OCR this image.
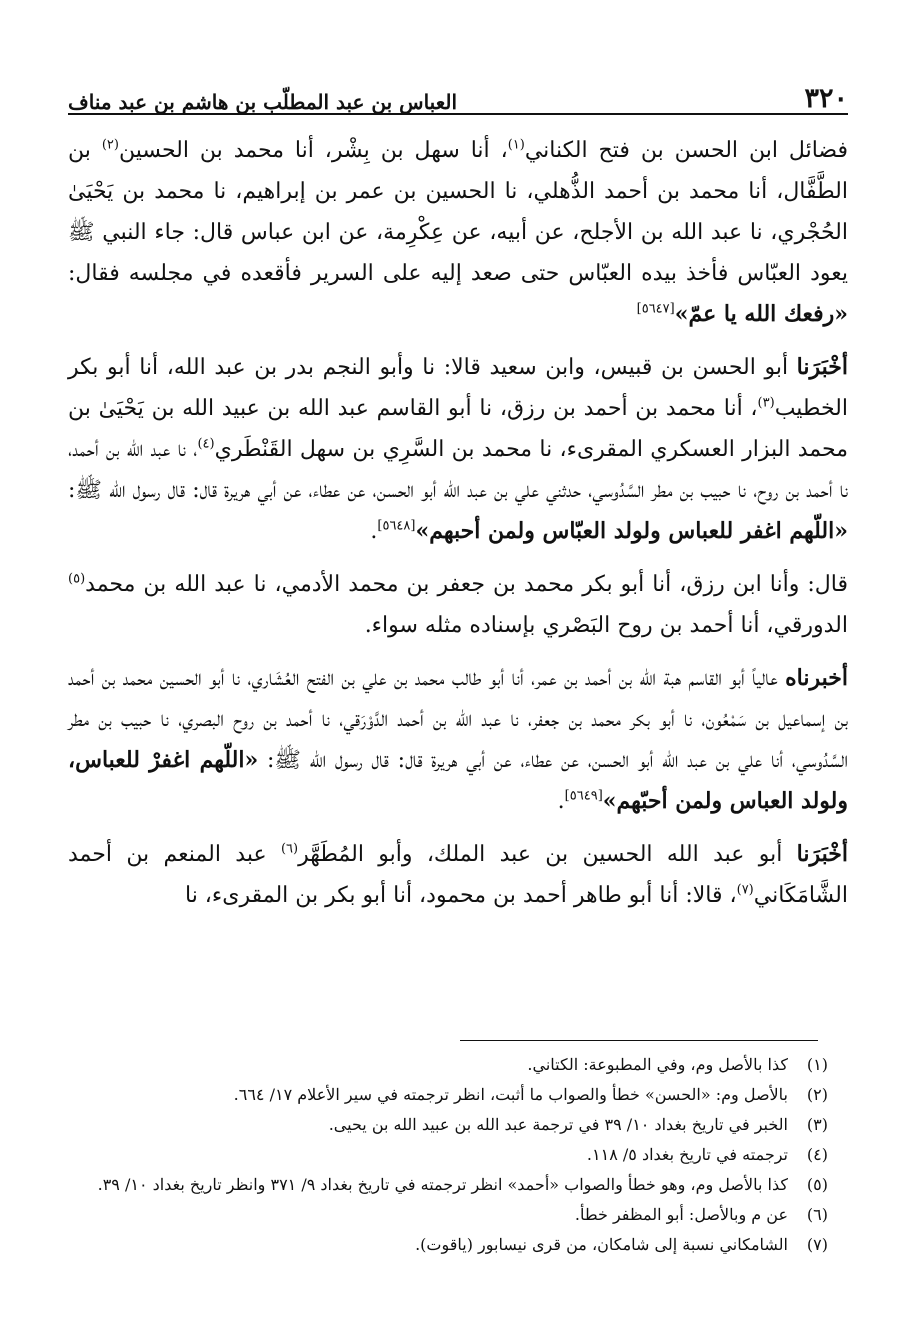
٣٢٠
العباس بن عبد المطلّب بن هاشم بن عبد مناف

فضائل ابن الحسن بن فتح الكناني$^{(١)}$، أنا سهل بن بِشْر، أنا محمد بن الحسين$^{(٢)}$ بن الطَّفَّال، أنا محمد بن أحمد الذُّهلي، نا الحسين بن عمر بن إبراهيم، نا محمد بن يَحْيَىٰ الحُجْري، نا عبد الله بن الأجلح، عن أبيه، عن عِكْرِمة، عن ابن عباس قال: جاء النبي ﷺ يعود العبّاس فأخذ بيده العبّاس حتى صعد إليه على السرير فأقعده في مجلسه فقال: «رفعك الله يا عمّ»[٥٦٤٧]

أخْبَرَنا أبو الحسن بن قبيس، وابن سعيد قالا: نا وأبو النجم بدر بن عبد الله، أنا أبو بكر الخطيب$^{(٣)}$، أنا محمد بن أحمد بن رزق، نا أبو القاسم عبد الله بن عبيد الله بن يَحْيَىٰ بن محمد البزار العسكري المقرىء، نا محمد بن السَّرِي بن سهل القَنْطَري$^{(٤)}$، نا عبد الله بن أحمد، نا أحمد بن روح، نا حبيب بن مطر السَّدُوسي، حدثني علي بن عبد الله أبو الحسن، عن عطاء، عن أبي هريرة قال: قال رسول الله ﷺ: «اللّهم اغفر للعباس ولولد العبّاس ولمن أحبهم»[٥٦٤٨].

قال: وأنا ابن رزق، أنا أبو بكر محمد بن جعفر بن محمد الأدمي، نا عبد الله بن محمد$^{(٥)}$ الدورقي، أنا أحمد بن روح البَصْري بإسناده مثله سواء.

أخبرناه عالياً أبو القاسم هبة الله بن أحمد بن عمر، أنا أبو طالب محمد بن علي بن الفتح العُشَاري، نا أبو الحسين محمد بن أحمد بن إسماعيل بن سَمْعُون، نا أبو بكر محمد بن جعفر، نا عبد الله بن أحمد الدَّوْرَقي، نا أحمد بن روح البصري، نا حبيب بن مطر السَّدُوسي، أنا علي بن عبد الله أبو الحسن، عن عطاء، عن أبي هريرة قال: قال رسول الله ﷺ: «اللّهم اغفرْ للعباس، ولولد العباس ولمن أحبّهم»[٥٦٤٩].

أخْبَرَنا أبو عبد الله الحسين بن عبد الملك، وأبو المُطَهَّر$^{(٦)}$ عبد المنعم بن أحمد الشَّامَكَاني$^{(٧)}$، قالا: أنا أبو طاهر أحمد بن محمود، أنا أبو بكر بن المقرىء، نا

(١)
كذا بالأصل وم، وفي المطبوعة: الكتاني.
(٢)
بالأصل وم: «الحسن» خطأ والصواب ما أثبت، انظر ترجمته في سير الأعلام ١٧/ ٦٦٤.
(٣)
الخبر في تاريخ بغداد ١٠/ ٣٩ في ترجمة عبد الله بن عبيد الله بن يحيى.
(٤)
ترجمته في تاريخ بغداد ٥/ ١١٨.
(٥)
كذا بالأصل وم، وهو خطأ والصواب «أحمد» انظر ترجمته في تاريخ بغداد ٩/ ٣٧١ وانظر تاريخ بغداد ١٠/ ٣٩.
(٦)
عن م وبالأصل: أبو المظفر خطأ.
(٧)
الشامكاني نسبة إلى شامكان، من قرى نيسابور (ياقوت).
